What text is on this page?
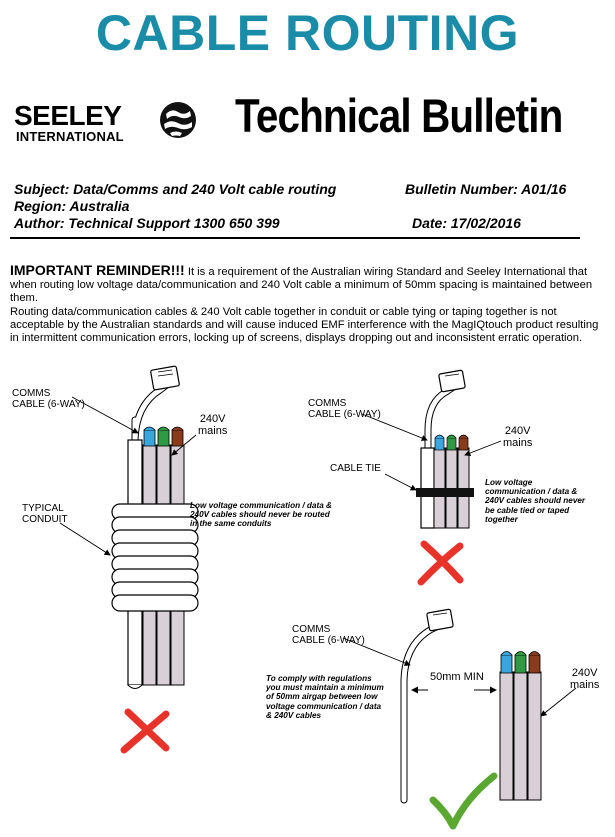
CABLE ROUTING
SEELEY
INTERNATIONAL Technical Bulletin
Subject: Data/Comms and 240 Volt cable routing	Bulletin Number: A01/16
Region: Australia
Author: Technical Support 1300 650 399	Date: 17/02/2016
IMPORTANT REMINDER!!! It is a requirement of the Australian wiring Standard and Seeley International that when routing low voltage data/communication and 240 Volt cable a minimum of 50mm spacing is maintained between them.
Routing data/communication cables & 240 Volt cable together in conduit or cable tying or taping together is not acceptable by the Australian standards and will cause induced EMF interference with the MagIQtouch product resulting in intermittent communication errors, locking up of screens, displays dropping out and inconsistent erratic operation.
COMMS
CABLE (6-WAY)
240V
mains
TYPICAL
CONDUIT
Low voltage communication / data &
240V cables should never be routed
in the same conduits
COMMS
CABLE (6-WAY)
240V
mains
CABLE TIE
Low voltage
communication / data &
240V cables should never
be cable tied or taped
together
COMMS
CABLE (6-WAY)
240V
mains
50mm MIN
To comply with regulations
you must maintain a minimum
of 50mm airgap between low
voltage communication / data
& 240V cables
